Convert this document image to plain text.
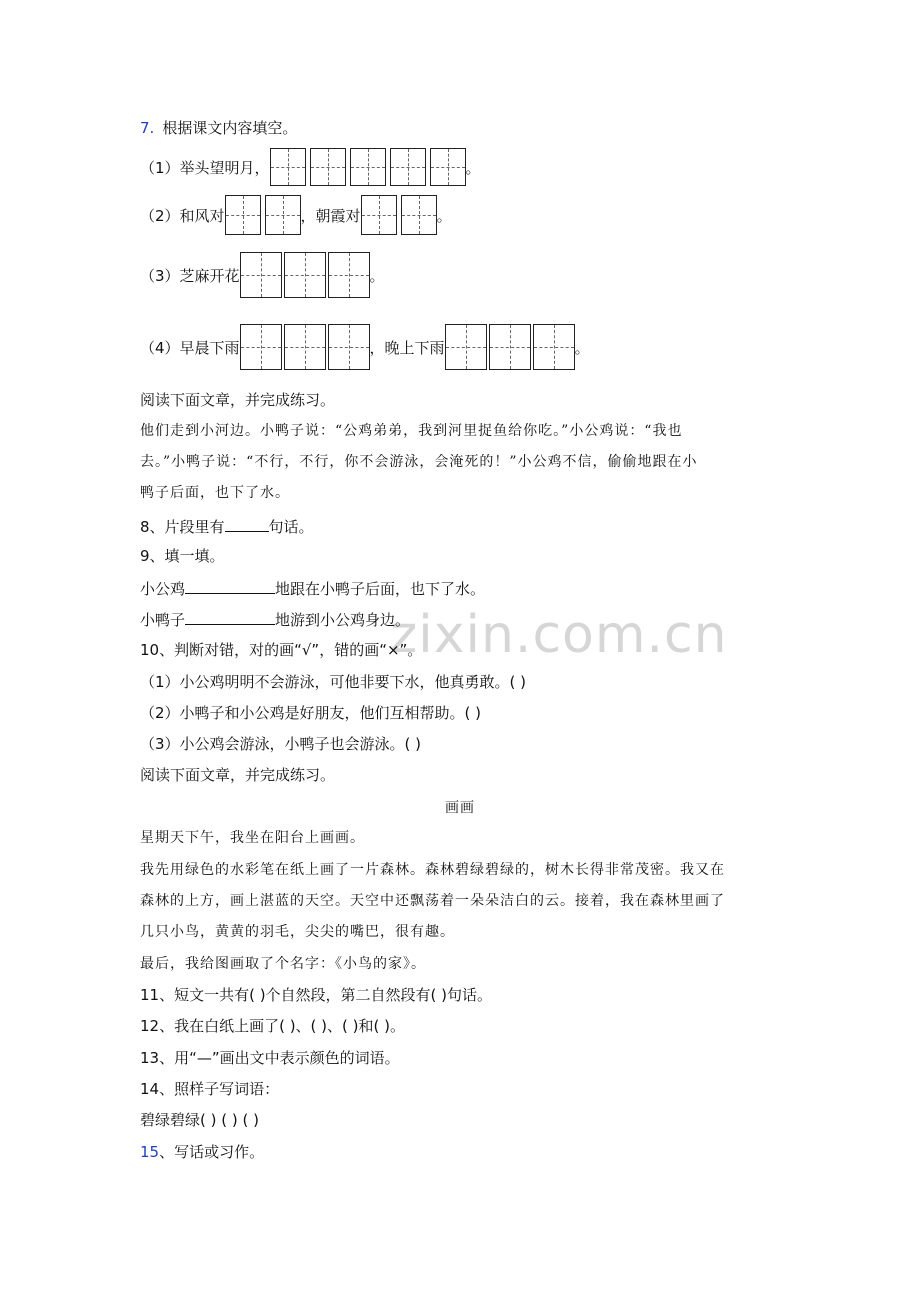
zixin.com.cn
7. 根据课文内容填空。
（1）举头望明月，	。
（2）和风对	，朝霞对	。
（3）芝麻开花	。
（4）早晨下雨	，晚上下雨	。
阅读下面文章，并完成练习。
他们走到小河边。小鸭子说：“公鸡弟弟，我到河里捉鱼给你吃。”小公鸡说：“我也
去。”小鸭子说：“不行，不行，你不会游泳，会淹死的！”小公鸡不信，偷偷地跟在小
鸭子后面，也下了水。
8、片段里有	句话。
9、填一填。
小公鸡	地跟在小鸭子后面，也下了水。
小鸭子	地游到小公鸡身边。
10、判断对错，对的画“√”，错的画“×”。
（1）小公鸡明明不会游泳，可他非要下水，他真勇敢。( )
（2）小鸭子和小公鸡是好朋友，他们互相帮助。( )
（3）小公鸡会游泳，小鸭子也会游泳。( )
阅读下面文章，并完成练习。
画画
星期天下午，我坐在阳台上画画。
我先用绿色的水彩笔在纸上画了一片森林。森林碧绿碧绿的，树木长得非常茂密。我又在
森林的上方，画上湛蓝的天空。天空中还飘荡着一朵朵洁白的云。接着，我在森林里画了
几只小鸟，黄黄的羽毛，尖尖的嘴巴，很有趣。
最后，我给图画取了个名字：《小鸟的家》。
11、短文一共有( )个自然段，第二自然段有( )句话。
12、我在白纸上画了( )、( )、( )和( )。
13、用“—”画出文中表示颜色的词语。
14、照样子写词语：
碧绿碧绿( ) ( ) ( )
15、写话或习作。
